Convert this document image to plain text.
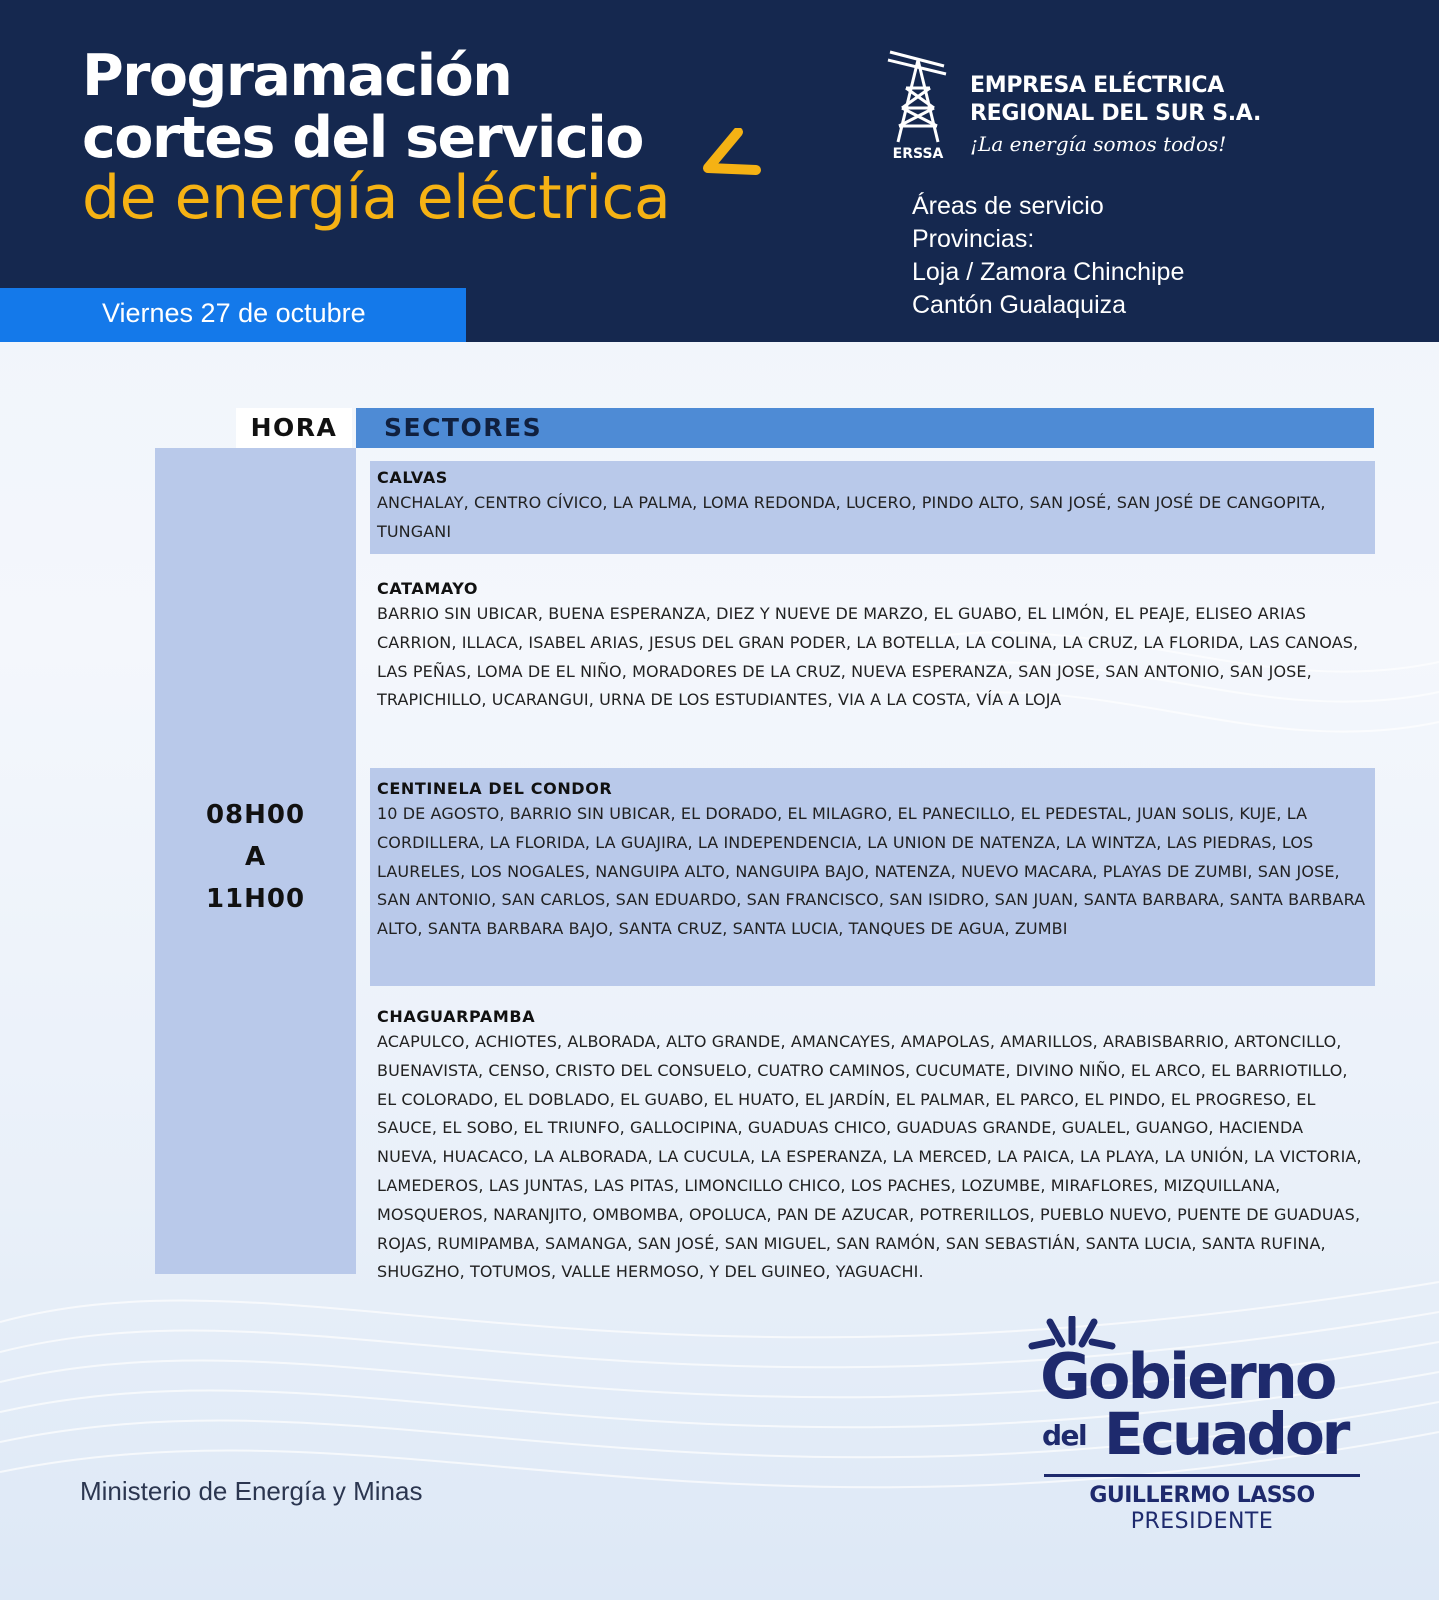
Programación
cortes del servicio
de energía eléctrica
ERSSA
EMPRESA ELÉCTRICA
REGIONAL DEL SUR S.A.
¡La energía somos todos!
Áreas de servicio
Provincias:
Loja / Zamora Chinchipe
Cantón Gualaquiza
Viernes 27 de octubre
HORA	SECTORES
08H00
A
11H00
CALVAS
ANCHALAY, CENTRO CÍVICO, LA PALMA, LOMA REDONDA, LUCERO, PINDO ALTO, SAN JOSÉ, SAN JOSÉ DE CANGOPITA, TUNGANI
CATAMAYO
BARRIO SIN UBICAR, BUENA ESPERANZA, DIEZ Y NUEVE DE MARZO, EL GUABO, EL LIMÓN, EL PEAJE, ELISEO ARIAS CARRION, ILLACA, ISABEL ARIAS, JESUS DEL GRAN PODER, LA BOTELLA, LA COLINA, LA CRUZ, LA FLORIDA, LAS CANOAS, LAS PEÑAS, LOMA DE EL NIÑO, MORADORES DE LA CRUZ, NUEVA ESPERANZA, SAN JOSE, SAN ANTONIO, SAN JOSE, TRAPICHILLO, UCARANGUI, URNA DE LOS ESTUDIANTES, VIA A LA COSTA, VÍA A LOJA
CENTINELA DEL CONDOR
10 DE AGOSTO, BARRIO SIN UBICAR, EL DORADO, EL MILAGRO, EL PANECILLO, EL PEDESTAL, JUAN SOLIS, KUJE, LA CORDILLERA, LA FLORIDA, LA GUAJIRA, LA INDEPENDENCIA, LA UNION DE NATENZA, LA WINTZA, LAS PIEDRAS, LOS LAURELES, LOS NOGALES, NANGUIPA ALTO, NANGUIPA BAJO, NATENZA, NUEVO MACARA, PLAYAS DE ZUMBI, SAN JOSE, SAN ANTONIO, SAN CARLOS, SAN EDUARDO, SAN FRANCISCO, SAN ISIDRO, SAN JUAN, SANTA BARBARA, SANTA BARBARA ALTO, SANTA BARBARA BAJO, SANTA CRUZ, SANTA LUCIA, TANQUES DE AGUA, ZUMBI
CHAGUARPAMBA
ACAPULCO, ACHIOTES, ALBORADA, ALTO GRANDE, AMANCAYES, AMAPOLAS, AMARILLOS, ARABISBARRIO, ARTONCILLO, BUENAVISTA, CENSO, CRISTO DEL CONSUELO, CUATRO CAMINOS, CUCUMATE, DIVINO NIÑO, EL ARCO, EL BARRIOTILLO, EL COLORADO, EL DOBLADO, EL GUABO, EL HUATO, EL JARDÍN, EL PALMAR, EL PARCO, EL PINDO, EL PROGRESO, EL SAUCE, EL SOBO, EL TRIUNFO, GALLOCIPINA, GUADUAS CHICO, GUADUAS GRANDE, GUALEL, GUANGO, HACIENDA NUEVA, HUACACO, LA ALBORADA, LA CUCULA, LA ESPERANZA, LA MERCED, LA PAICA, LA PLAYA, LA UNIÓN, LA VICTORIA, LAMEDEROS, LAS JUNTAS, LAS PITAS, LIMONCILLO CHICO, LOS PACHES, LOZUMBE, MIRAFLORES, MIZQUILLANA, MOSQUEROS, NARANJITO, OMBOMBA, OPOLUCA, PAN DE AZUCAR, POTRERILLOS, PUEBLO NUEVO, PUENTE DE GUADUAS, ROJAS, RUMIPAMBA, SAMANGA, SAN JOSÉ, SAN MIGUEL, SAN RAMÓN, SAN SEBASTIÁN, SANTA LUCIA, SANTA RUFINA, SHUGZHO, TOTUMOS, VALLE HERMOSO, Y DEL GUINEO, YAGUACHI.
Ministerio de Energía y Minas
Gobierno
del Ecuador
GUILLERMO LASSO
PRESIDENTE
